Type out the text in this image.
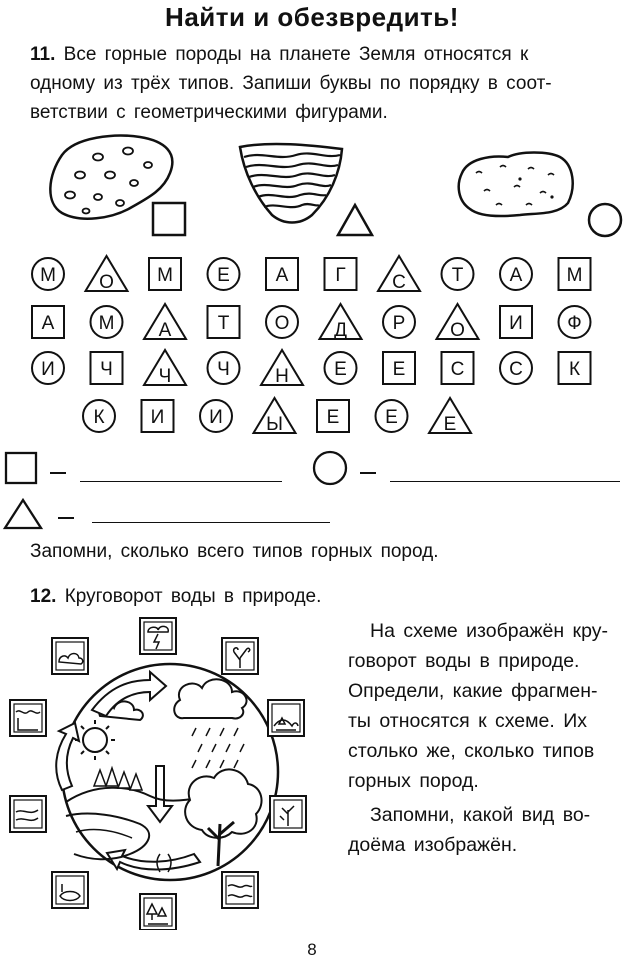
Найти и обезвредить!
11. Все горные породы на планете Земля относятся к
одному из трёх типов. Запиши буквы по порядку в соот-
ветствии с геометрическими фигурами.
М О М Е А Г С Т А М
А М А Т О Д Р О И Ф
И Ч Ч Ч Н Е Е С С К
К И И Ы Е Е Е
Запомни, сколько всего типов горных пород.
12. Круговорот воды в природе.
На схеме изображён кру-
говорот воды в природе.
Определи, какие фрагмен-
ты относятся к схеме. Их
столько же, сколько типов
горных пород.
Запомни, какой вид во-
доёма изображён.
8
